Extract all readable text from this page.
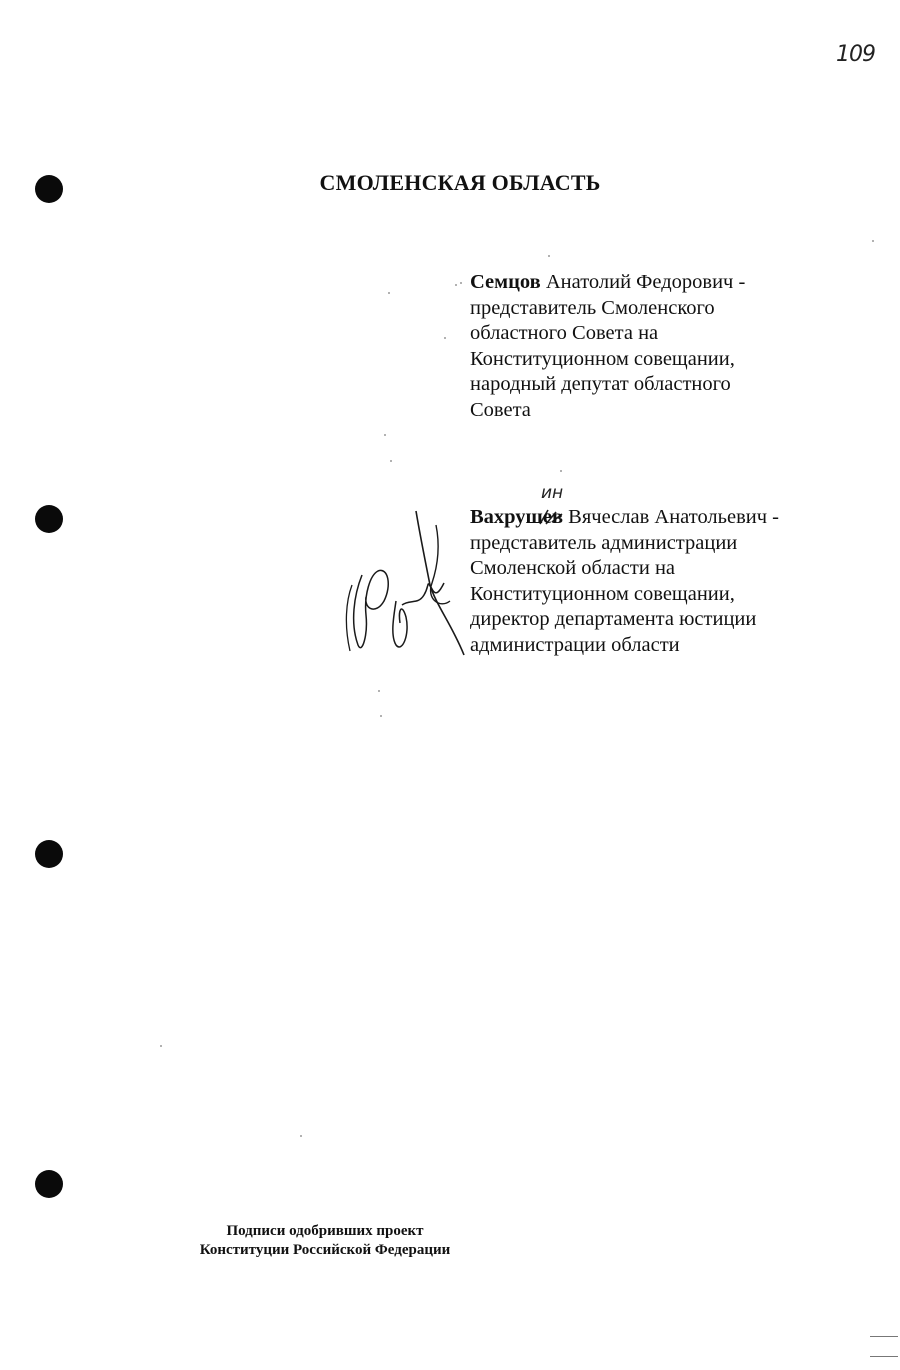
109
СМОЛЕНСКАЯ ОБЛАСТЬ
Семцов Анатолий Федорович -
представитель Смоленского
областного Совета на
Конституционном совещании,
народный депутат областного
Совета
ин
Вахрушев Вячеслав Анатольевич -
представитель администрации
Смоленской области на
Конституционном совещании,
директор департамента юстиции
администрации области
Подписи одобривших проект
Конституции Российской Федерации
